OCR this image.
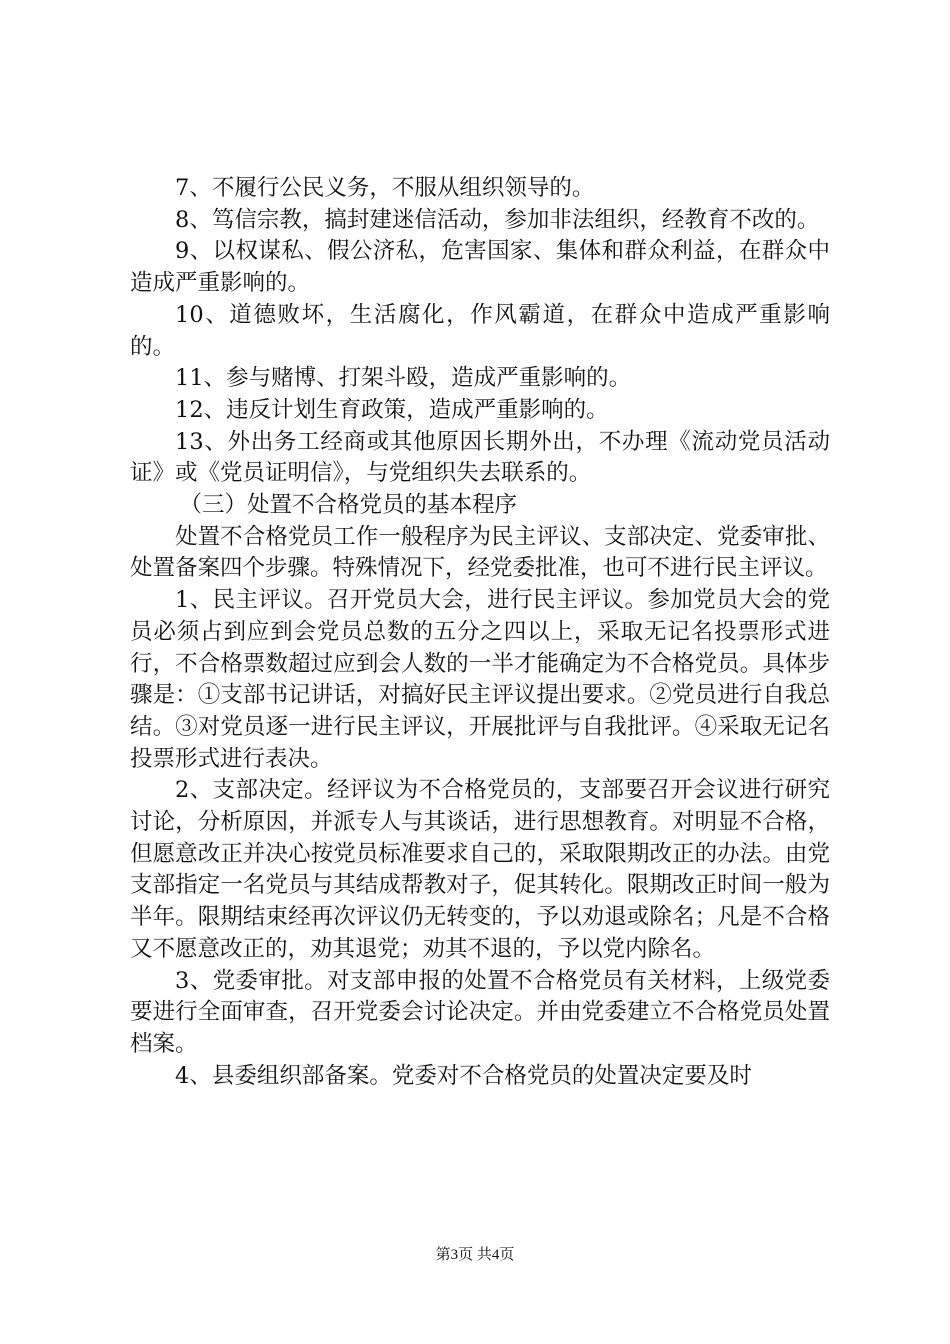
7、不履行公民义务，不服从组织领导的。

8、笃信宗教，搞封建迷信活动，参加非法组织，经教育不改的。

9、以权谋私、假公济私，危害国家、集体和群众利益，在群众中造成严重影响的。

10、道德败坏，生活腐化，作风霸道，在群众中造成严重影响的。

11、参与赌博、打架斗殴，造成严重影响的。

12、违反计划生育政策，造成严重影响的。

13、外出务工经商或其他原因长期外出，不办理《流动党员活动证》或《党员证明信》，与党组织失去联系的。

（三）处置不合格党员的基本程序

处置不合格党员工作一般程序为民主评议、支部决定、党委审批、处置备案四个步骤。特殊情况下，经党委批准，也可不进行民主评议。

1、民主评议。召开党员大会，进行民主评议。参加党员大会的党员必须占到应到会党员总数的五分之四以上，采取无记名投票形式进行，不合格票数超过应到会人数的一半才能确定为不合格党员。具体步骤是：①支部书记讲话，对搞好民主评议提出要求。②党员进行自我总结。③对党员逐一进行民主评议，开展批评与自我批评。④采取无记名投票形式进行表决。

2、支部决定。经评议为不合格党员的，支部要召开会议进行研究讨论，分析原因，并派专人与其谈话，进行思想教育。对明显不合格，但愿意改正并决心按党员标准要求自己的，采取限期改正的办法。由党支部指定一名党员与其结成帮教对子，促其转化。限期改正时间一般为半年。限期结束经再次评议仍无转变的，予以劝退或除名；凡是不合格又不愿意改正的，劝其退党；劝其不退的，予以党内除名。

3、党委审批。对支部申报的处置不合格党员有关材料，上级党委要进行全面审查，召开党委会讨论决定。并由党委建立不合格党员处置档案。

4、县委组织部备案。党委对不合格党员的处置决定要及时

第3页 共4页
